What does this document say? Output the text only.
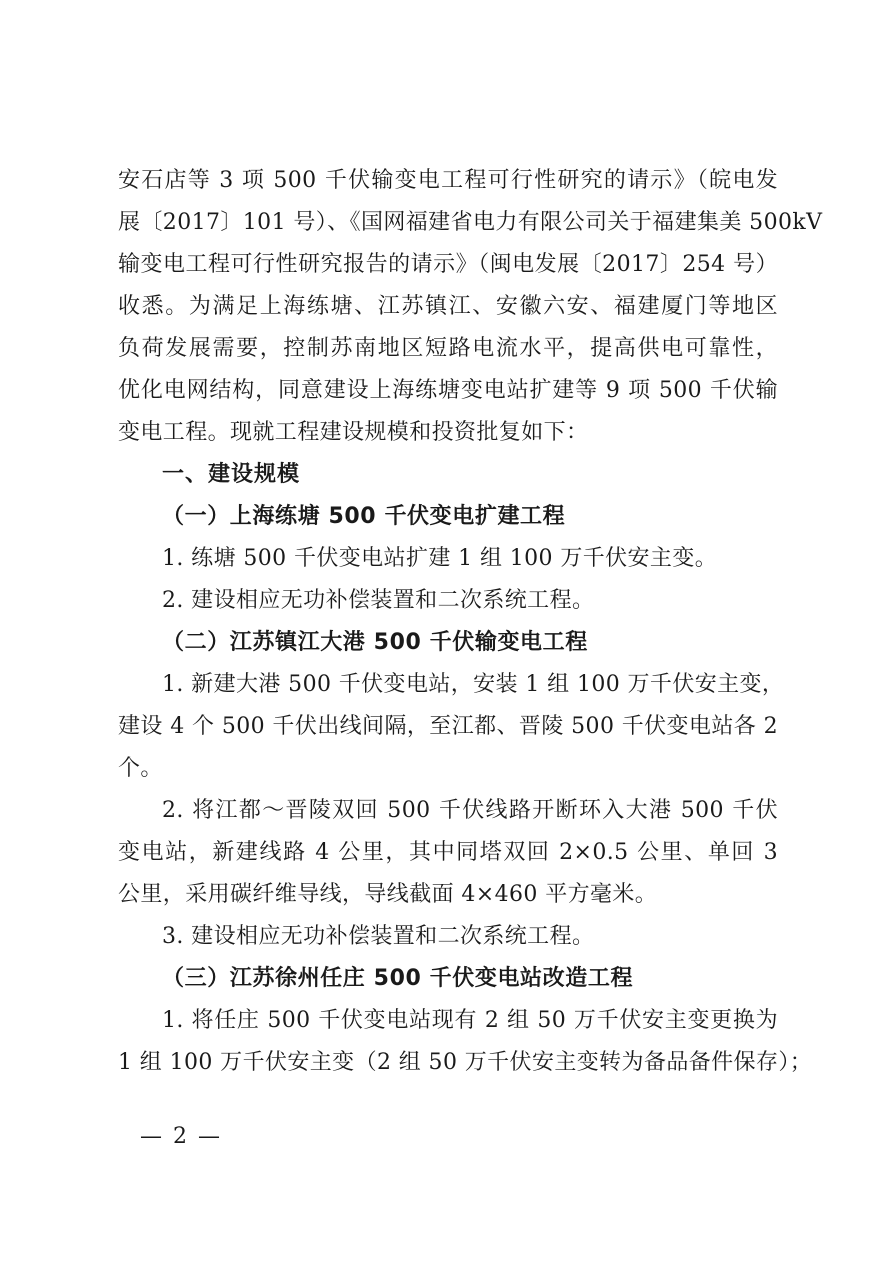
安石店等 3 项 500 千伏输变电工程可行性研究的请示》（皖电发
展〔2017〕101 号）、《国网福建省电力有限公司关于福建集美 500kV
输变电工程可行性研究报告的请示》（闽电发展〔2017〕254 号）
收悉。为满足上海练塘、江苏镇江、安徽六安、福建厦门等地区
负荷发展需要，控制苏南地区短路电流水平，提高供电可靠性，
优化电网结构，同意建设上海练塘变电站扩建等 9 项 500 千伏输
变电工程。现就工程建设规模和投资批复如下：
一、建设规模
（一）上海练塘 500 千伏变电扩建工程
1. 练塘 500 千伏变电站扩建 1 组 100 万千伏安主变。
2. 建设相应无功补偿装置和二次系统工程。
（二）江苏镇江大港 500 千伏输变电工程
1. 新建大港 500 千伏变电站，安装 1 组 100 万千伏安主变，
建设 4 个 500 千伏出线间隔，至江都、晋陵 500 千伏变电站各 2
个。
2. 将江都～晋陵双回 500 千伏线路开断环入大港 500 千伏
变电站，新建线路 4 公里，其中同塔双回 2×0.5 公里、单回 3
公里，采用碳纤维导线，导线截面 4×460 平方毫米。
3. 建设相应无功补偿装置和二次系统工程。
（三）江苏徐州任庄 500 千伏变电站改造工程
1. 将任庄 500 千伏变电站现有 2 组 50 万千伏安主变更换为
1 组 100 万千伏安主变（2 组 50 万千伏安主变转为备品备件保存）；
— 2 —
